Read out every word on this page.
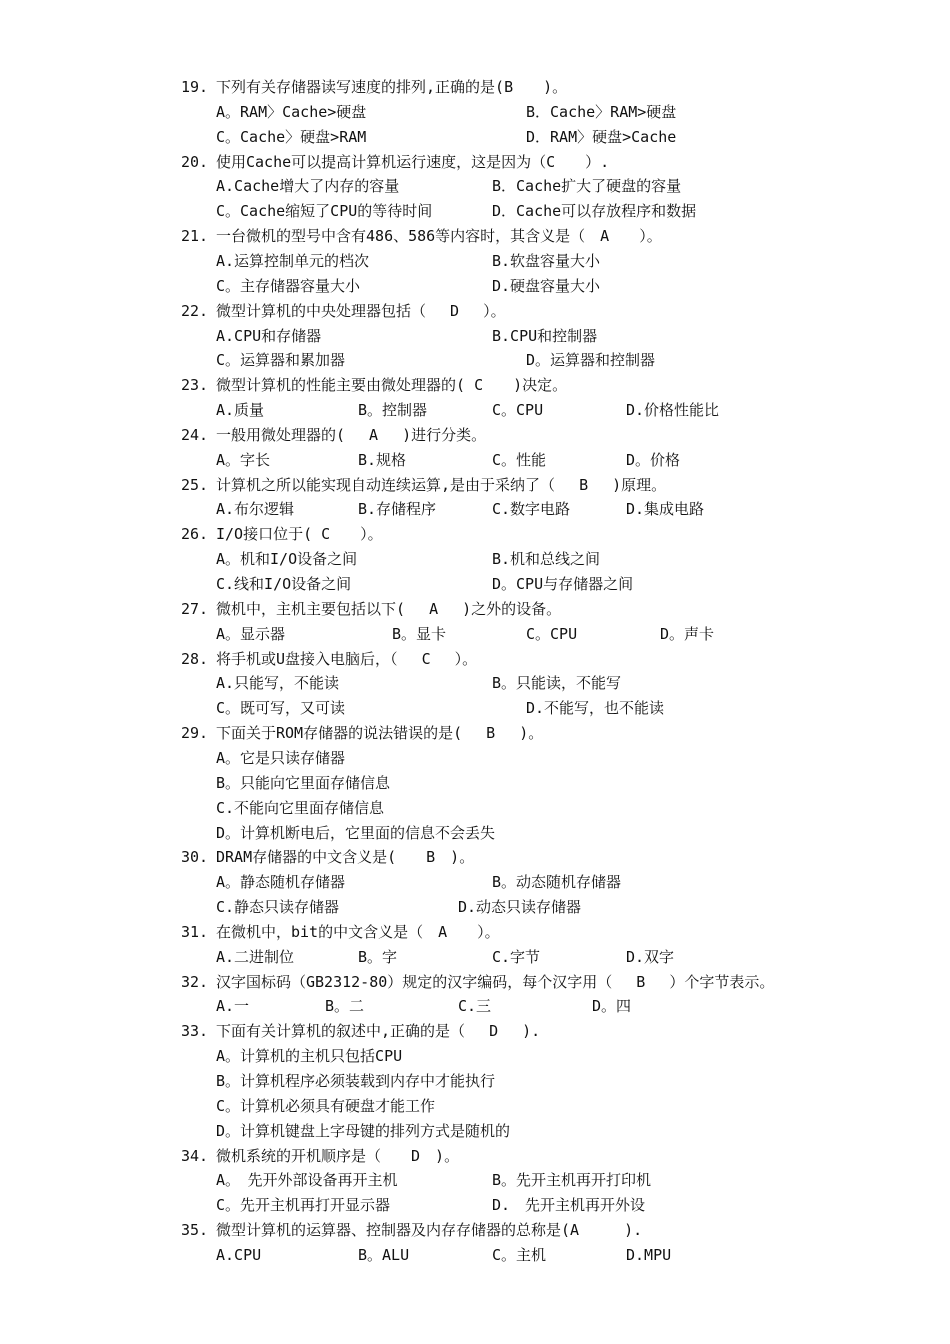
19. 下列有关存储器读写速度的排列,正确的是(B　　)。
A。RAM〉Cache>硬盘	B．Cache〉RAM>硬盘
C。Cache〉硬盘>RAM	D．RAM〉硬盘>Cache
20. 使用Cache可以提高计算机运行速度，这是因为（C　　）.
A.Cache增大了内存的容量	B．Cache扩大了硬盘的容量
C。Cache缩短了CPU的等待时间	D．Cache可以存放程序和数据
21. 一台微机的型号中含有486、586等内容时，其含义是（　A　　）。
A.运算控制单元的档次	B.软盘容量大小
C。主存储器容量大小	D.硬盘容量大小
22. 微型计算机的中央处理器包括（　 D　 ）。
A.CPU和存储器	B.CPU和控制器
C。运算器和累加器	D。运算器和控制器
23. 微型计算机的性能主要由微处理器的( C　　)决定。
A.质量	B。控制器	C。CPU	D.价格性能比
24. 一般用微处理器的(　 A　 )进行分类。
A。字长	B.规格	C。性能	D。价格
25. 计算机之所以能实现自动连续运算,是由于采纳了（　 B　 )原理。
A.布尔逻辑	B.存储程序	C.数字电路	D.集成电路
26. I/O接口位于( C　　）。
A。机和I/O设备之间	B.机和总线之间
C.线和I/O设备之间	D。CPU与存储器之间
27. 微机中，主机主要包括以下(　 A　 )之外的设备。
A。显示器	B。显卡	C。CPU	D。声卡
28. 将手机或U盘接入电脑后，（　 C　 ）。
A.只能写，不能读	B。只能读，不能写
C。既可写，又可读	D.不能写，也不能读
29. 下面关于ROM存储器的说法错误的是(　 B　 )。
A。它是只读存储器
B。只能向它里面存储信息
C.不能向它里面存储信息
D。计算机断电后，它里面的信息不会丢失
30. DRAM存储器的中文含义是(　　B　)。
A。静态随机存储器	B。动态随机存储器
C.静态只读存储器	D.动态只读存储器
31. 在微机中，bit的中文含义是（　A　　）。
A.二进制位	B。字	C.字节	D.双字
32. 汉字国标码（GB2312-80）规定的汉字编码，每个汉字用（　 B　 ）个字节表示。
A.一	B。二	C.三	D。四
33. 下面有关计算机的叙述中,正确的是（　 D　 ).
A。计算机的主机只包括CPU
B。计算机程序必须装载到内存中才能执行
C。计算机必须具有硬盘才能工作
D。计算机键盘上字母键的排列方式是随机的
34. 微机系统的开机顺序是（　　D　)。
A。　先开外部设备再开主机	B。先开主机再开打印机
C。先开主机再打开显示器	D.　先开主机再开外设
35. 微型计算机的运算器、控制器及内存存储器的总称是(A　　　).
A.CPU	B。ALU	C。主机	D.MPU
